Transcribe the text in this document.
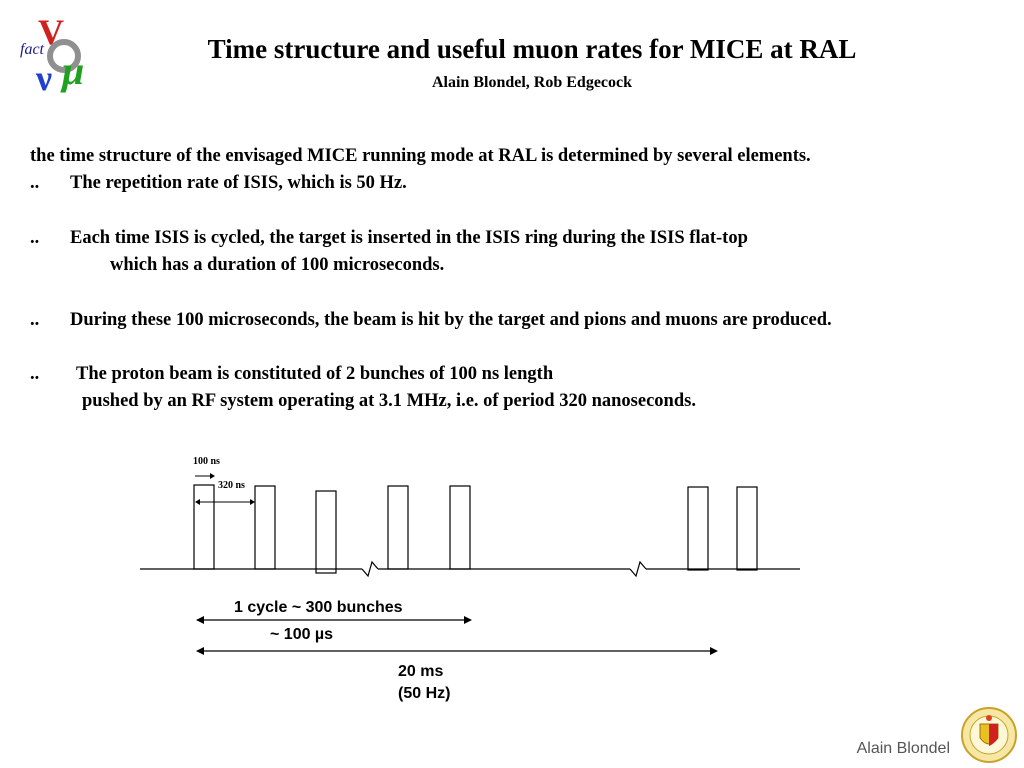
V
fact
ν μ	Time structure and useful muon rates for MICE at RAL
Alain Blondel, Rob Edgecock
the time structure of the envisaged MICE running mode at RAL is determined by several elements.
.. The repetition rate of ISIS, which is 50 Hz.
.. Each time ISIS is cycled, the target is inserted in the ISIS ring during the ISIS flat-top
which has a duration of 100 microseconds.
.. During these 100 microseconds, the beam is hit by the target and pions and muons are produced.
.. The proton beam is constituted of 2 bunches of 100 ns length
pushed by an RF system operating at 3.1 MHz, i.e. of period 320 nanoseconds.
100 ns
320 ns
1 cycle ~ 300 bunches
~ 100 µs
20 ms
(50 Hz)
Alain Blondel
